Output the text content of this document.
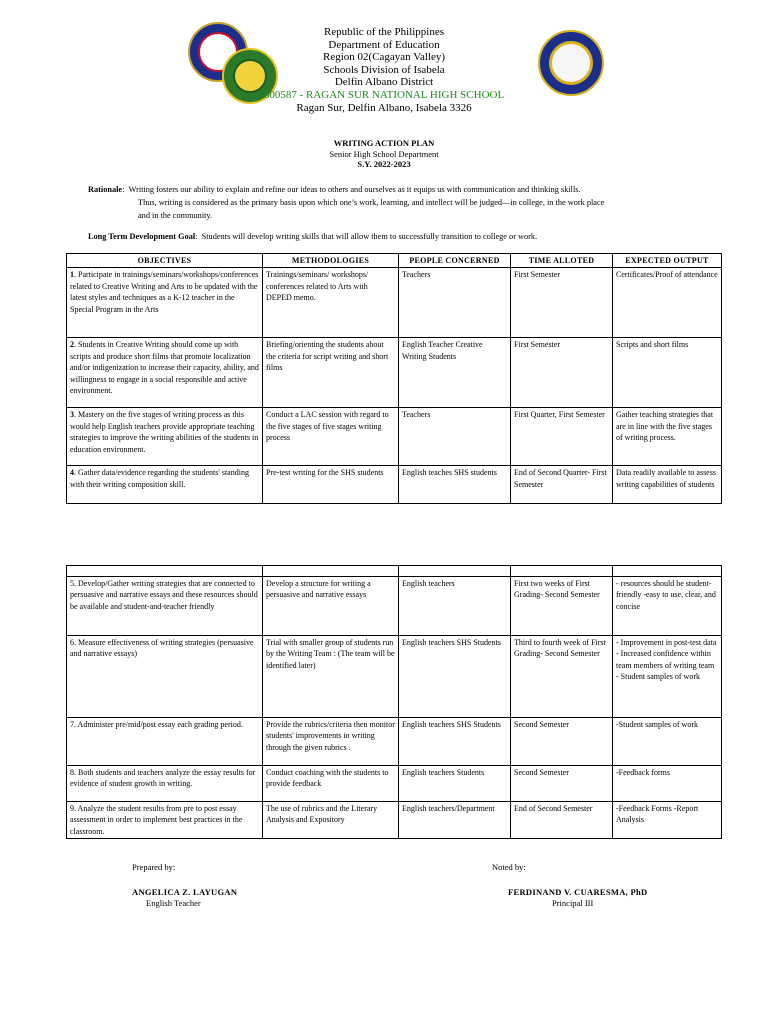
Republic of the Philippines
Department of Education
Region 02(Cagayan Valley)
Schools Division of Isabela
Delfin Albano District
300587 - RAGAN SUR NATIONAL HIGH SCHOOL
Ragan Sur, Delfin Albano, Isabela 3326
WRITING ACTION PLAN
Senior High School Department
S.Y. 2022-2023
Rationale:  Writing fosters our ability to explain and refine our ideas to others and ourselves as it equips us with communication and thinking skills.
Thus, writing is considered as the primary basis upon which one’s work, learning, and intellect will be judged—in college, in the work place
and in the community.
Long Term Development Goal:  Students will develop writing skills that will allow them to successfully transition to college or work.
OBJECTIVES	METHODOLOGIES	PEOPLE CONCERNED	TIME ALLOTED	EXPECTED OUTPUT
1. Participate in trainings/seminars/workshops/conferences related to Creative Writing and Arts to be updated with the latest styles and techniques as a K-12 teacher in the Special Program in the Arts	Trainings/seminars/ workshops/ conferences related to Arts with DEPED memo.	Teachers	First Semester	Certificates/Proof of attendance
2. Students in Creative Writing should come up with scripts and produce short films that promote localization and/or indigenization to increase their capacity, ability, and willingness to engage in a social responsible and active environment.	Briefing/orienting the students about the criteria for script writing and short films	English Teacher Creative Writing Students	First Semester	Scripts and short films
3. Mastery on the five stages of writing process as this would help English teachers provide appropriate teaching strategies to improve the writing abilities of the students in education environment.	Conduct a LAC session with regard to the five stages of five stages writing process	Teachers	First Quarter, First Semester	Gather teaching strategies that are in line with the five stages of writing process.
4. Gather data/evidence regarding the students' standing with their writing composition skill.	Pre-test writing for the SHS students	English teaches SHS students	End of Second Quarter- First Semester	Data readily available to assess writing capabilities of students

5. Develop/Gather writing strategies that are connected to persuasive and narrative essays and these resources should be available and student-and-teacher friendly	Develop a structure for writing a persuasive and narrative essays	English teachers	First two weeks of First Grading- Second Semester	- resources should be student-friendly -easy to use, clear, and concise
6. Measure effectiveness of writing strategies (persuasive and narrative essays)	Trial with smaller group of students run by the Writing Team : (The team will be identified later)	English teachers SHS Students	Third to fourth week of First Grading- Second Semester	- Improvement in post-test data - Increased confidence within team members of writing team - Student samples of work
7. Administer pre/mid/post essay each grading period.	Provide the rubrics/criteria then monitor students' improvements in writing through the given rubrics .	English teachers SHS Students	Second Semester	-Student samples of work
8. Both students and teachers analyze the essay results for evidence of student growth in writing.	Conduct coaching with the students to provide feedback	English teachers Students	Second Semester	-Feedback forms
9. Analyze the student results from pre to post essay assessment in order to implement best practices in the classroom.	The use of rubrics and the Literary Analysis and Expository	English teachers/Department	End of Second Semester	-Feedback Forms -Report Analysis
Prepared by:
ANGELICA Z. LAYUGAN
English Teacher
Noted by:
FERDINAND V. CUARESMA, PhD
Principal III
